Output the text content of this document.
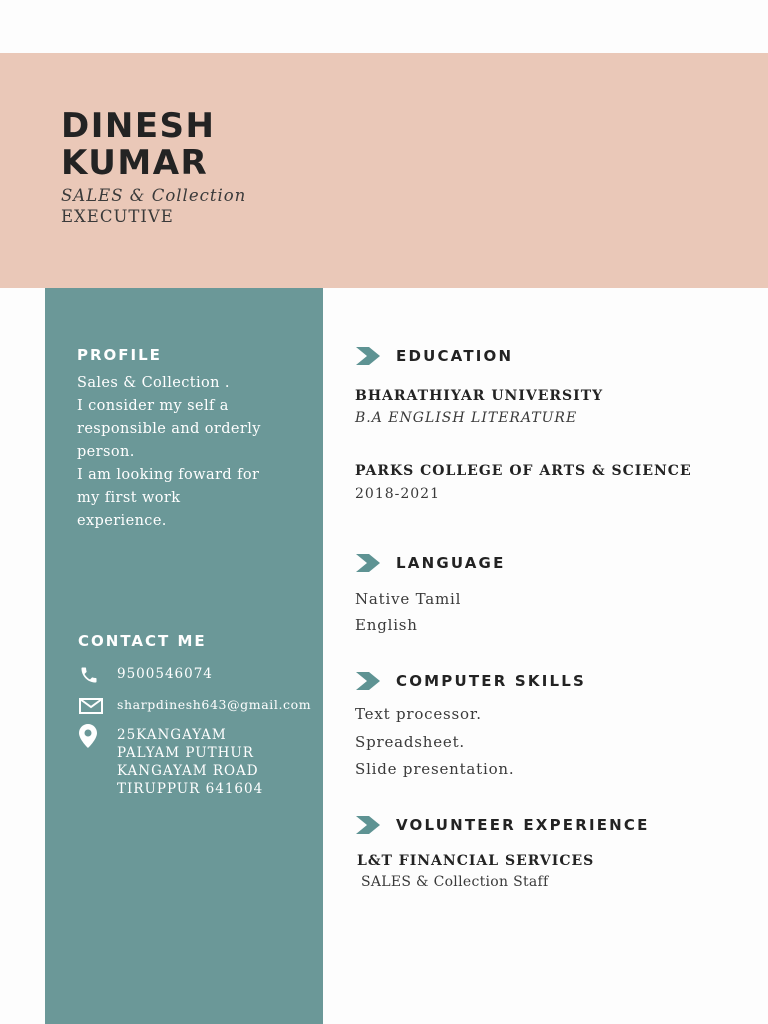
DINESH
KUMAR
SALES & Collection
EXECUTIVE
PROFILE
Sales & Collection .
I consider my self a
responsible and orderly
person.
I am looking foward for
my first work
experience.
CONTACT ME
9500546074
sharpdinesh643@gmail.com
25KANGAYAM
PALYAM PUTHUR
KANGAYAM ROAD
TIRUPPUR 641604
EDUCATION
BHARATHIYAR UNIVERSITY
B.A ENGLISH LITERATURE
PARKS COLLEGE OF ARTS & SCIENCE
2018-2021
LANGUAGE
Native Tamil
English
COMPUTER SKILLS
Text processor.
Spreadsheet.
Slide presentation.
VOLUNTEER EXPERIENCE
L&T FINANCIAL SERVICES
SALES & Collection Staff
